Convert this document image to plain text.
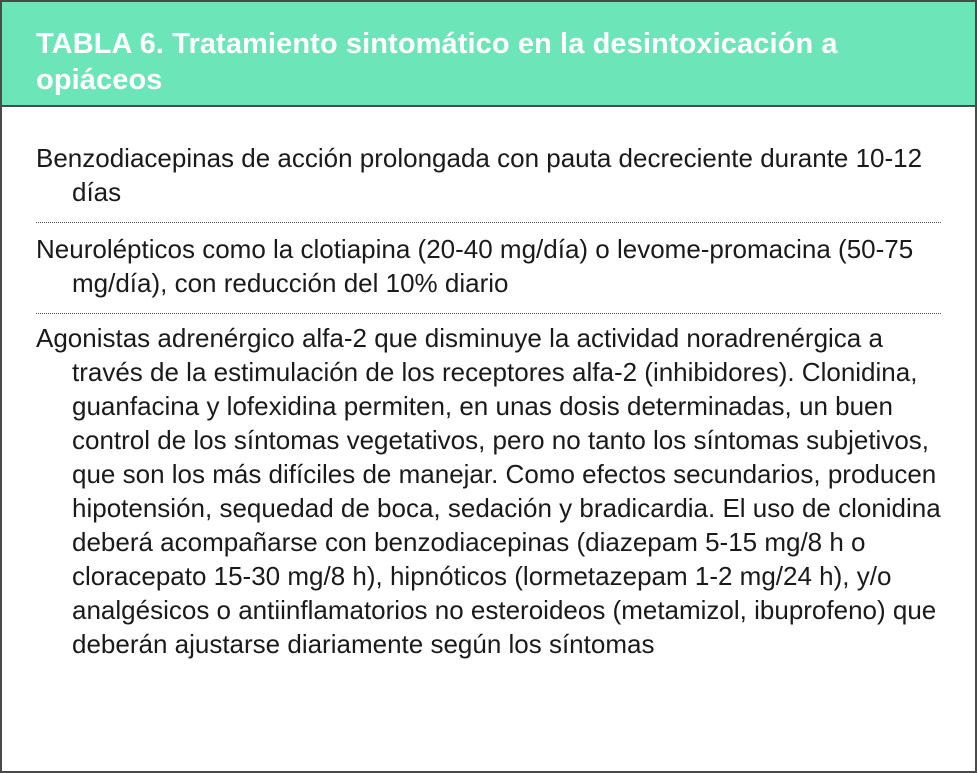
TABLA 6. Tratamiento sintomático en la desintoxicación a opiáceos

Benzodiacepinas de acción prolongada con pauta decreciente durante 10-12 días

Neurolépticos como la clotiapina (20-40 mg/día) o levome-promacina (50-75 mg/día), con reducción del 10% diario

Agonistas adrenérgico alfa-2 que disminuye la actividad noradrenérgica a través de la estimulación de los receptores alfa-2 (inhibidores). Clonidina, guanfacina y lofexidina permiten, en unas dosis determinadas, un buen control de los síntomas vegetativos, pero no tanto los síntomas subjetivos, que son los más difíciles de manejar. Como efectos secundarios, producen hipotensión, sequedad de boca, sedación y bradicardia. El uso de clonidina deberá acompañarse con benzodiacepinas (diazepam 5-15 mg/8 h o cloracepato 15-30 mg/8 h), hipnóticos (lormetazepam 1-2 mg/24 h), y/o analgésicos o antiinflamatorios no esteroideos (metamizol, ibuprofeno) que deberán ajustarse diariamente según los síntomas
